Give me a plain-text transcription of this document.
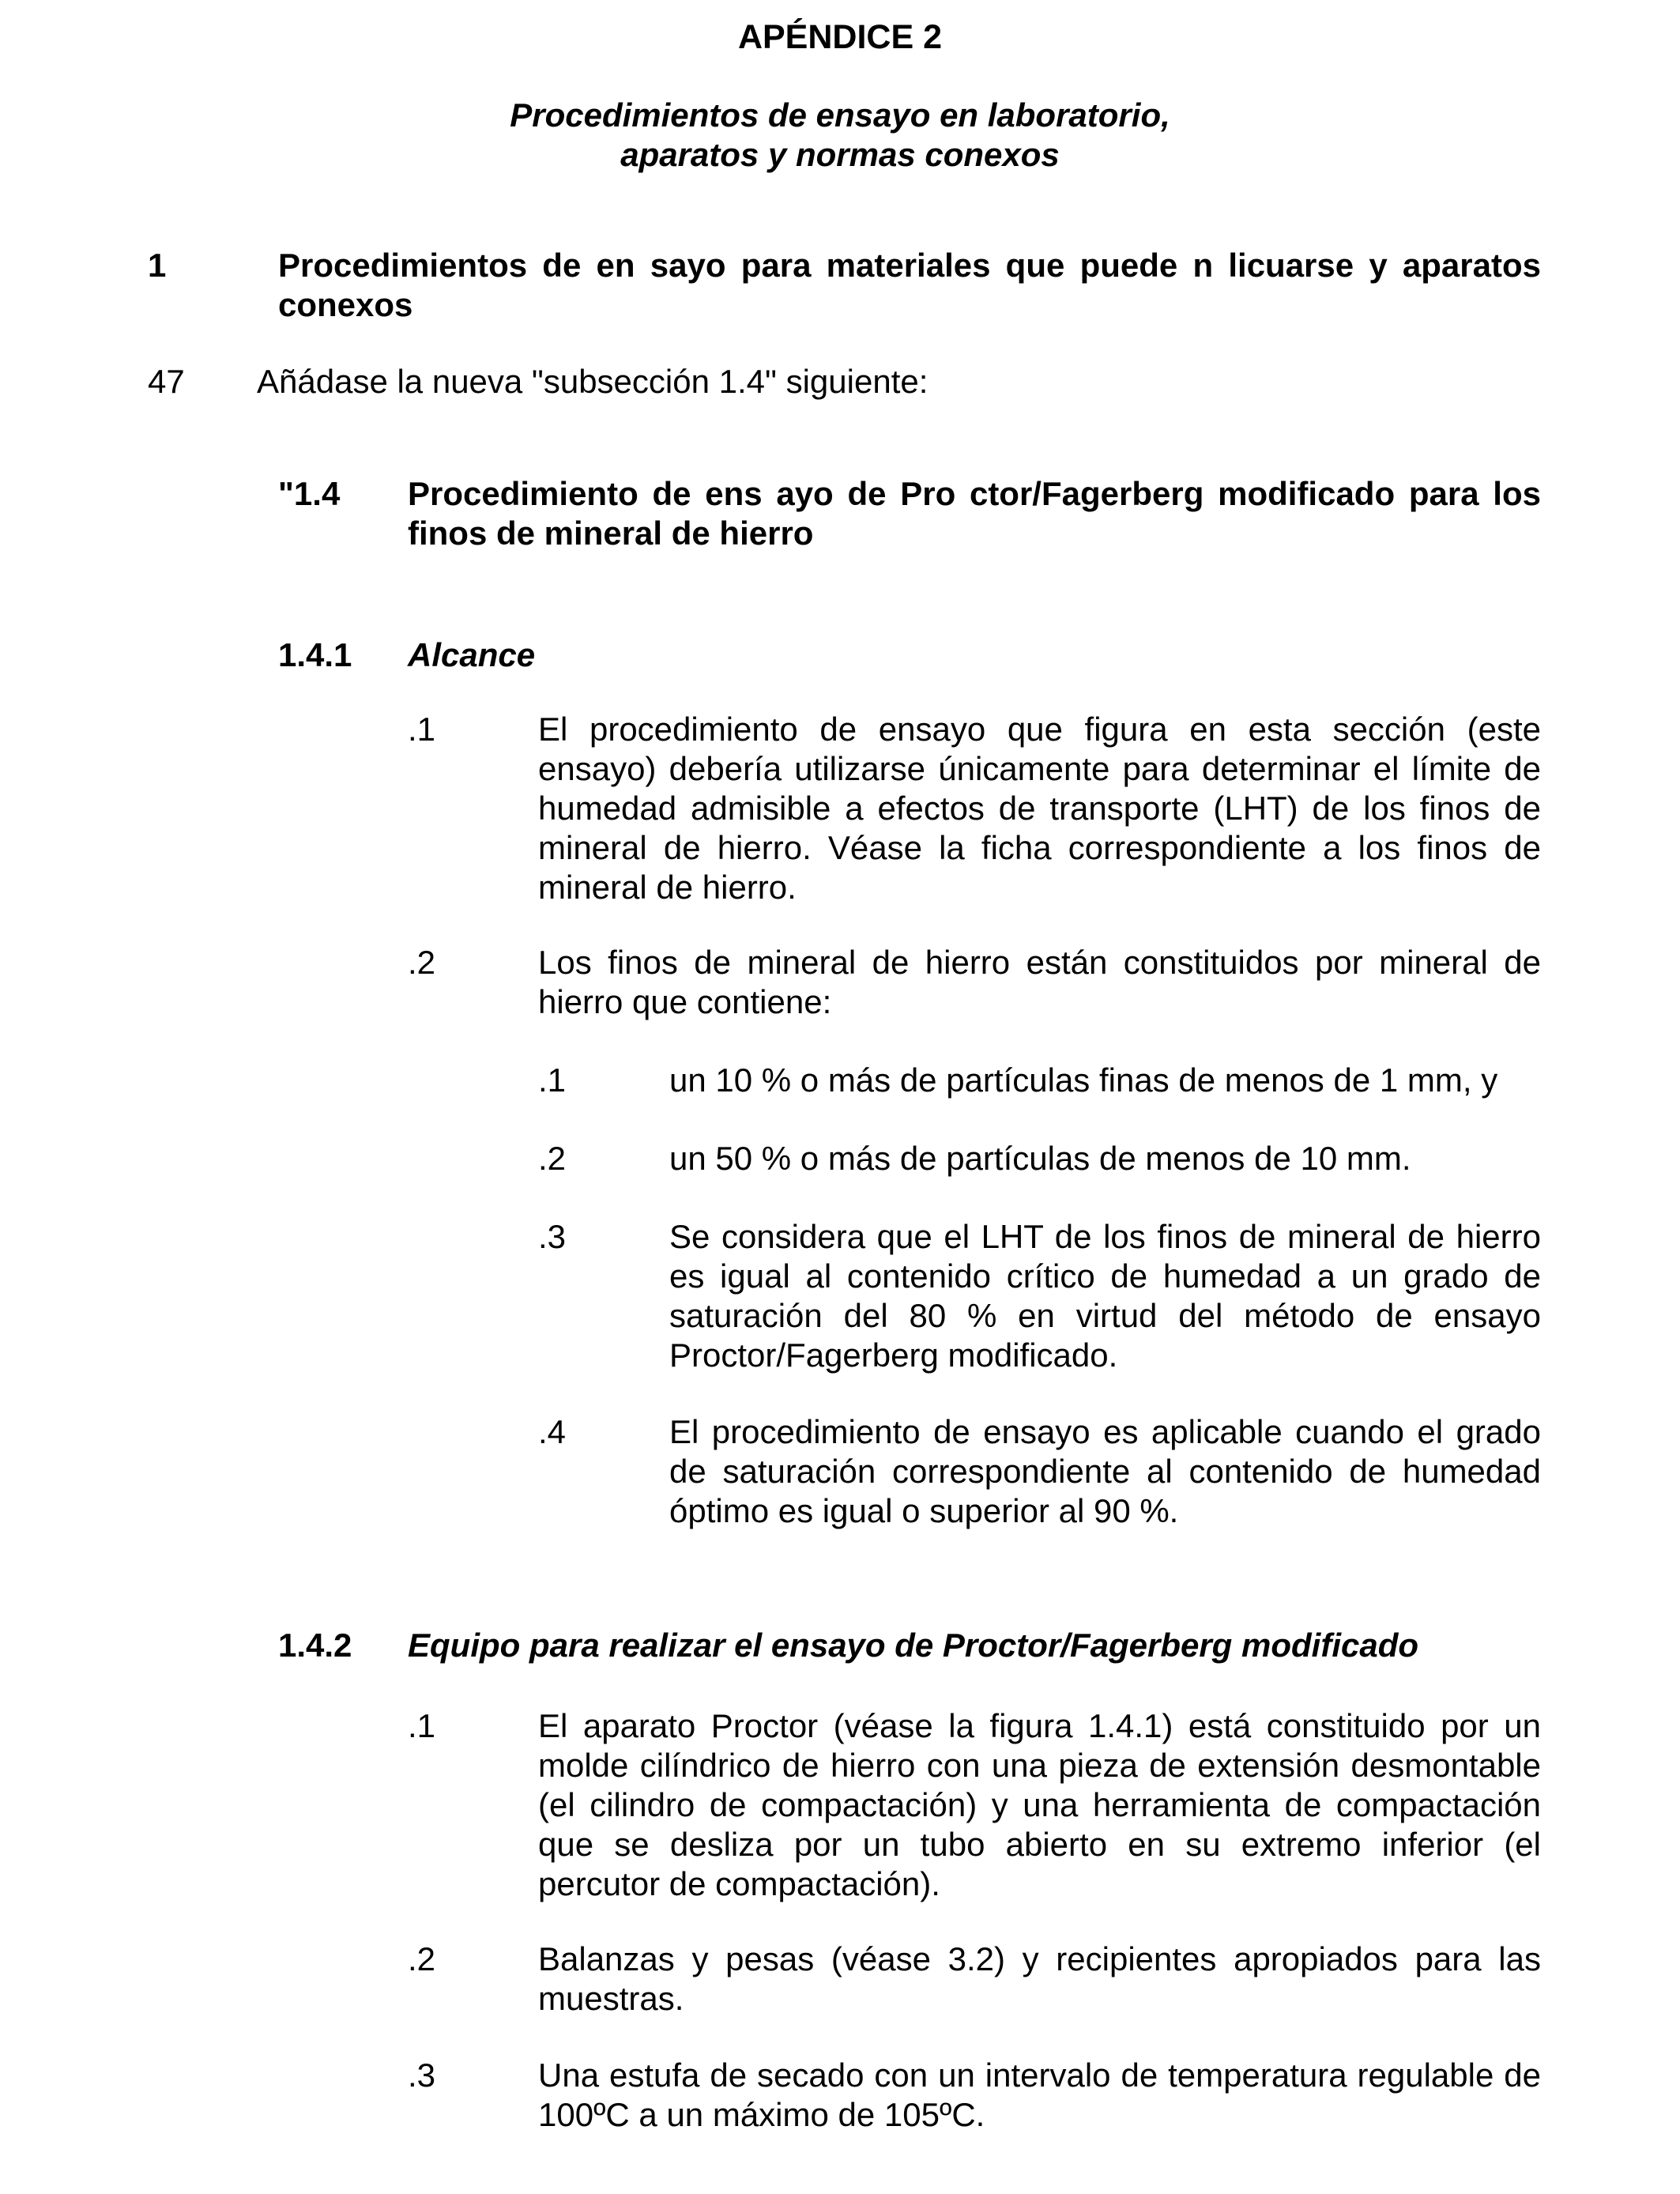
APÉNDICE 2
Procedimientos de ensayo en laboratorio,
aparatos y normas conexos
1	Procedimientos de en sayo para materiales que puede n licuarse y aparatos conexos
47 Añádase la nueva "subsección 1.4" siguiente:
"1.4 Procedimiento de ens ayo de Pro ctor/Fagerberg modificado para los finos de mineral de hierro
1.4.1 Alcance
.1	El procedimiento de ensayo que figura en esta sección (este ensayo) debería utilizarse únicamente para determinar el límite de humedad admisible a efectos de transporte (LHT) de los finos de mineral de hierro. Véase la ficha correspondiente a los finos de mineral de hierro.
.2	Los finos de mineral de hierro están constituidos por mineral de hierro que contiene:
.1	un 10 % o más de partículas finas de menos de 1 mm, y
.2	un 50 % o más de partículas de menos de 10 mm.
.3	Se considera que el LHT de los finos de mineral de hierro es igual al contenido crítico de humedad a un grado de saturación del 80 % en virtud del método de ensayo Proctor/Fagerberg modificado.
.4	El procedimiento de ensayo es aplicable cuando el grado de saturación correspondiente al contenido de humedad óptimo es igual o superior al 90 %.
1.4.2 Equipo para realizar el ensayo de Proctor/Fagerberg modificado
.1	El aparato Proctor (véase la figura 1.4.1) está constituido por un molde cilíndrico de hierro con una pieza de extensión desmontable (el cilindro de compactación) y una herramienta de compactación que se desliza por un tubo abierto en su extremo inferior (el percutor de compactación).
.2	Balanzas y pesas (véase 3.2) y recipientes apropiados para las muestras.
.3	Una estufa de secado con un intervalo de temperatura regulable de 100ºC a un máximo de 105ºC.
